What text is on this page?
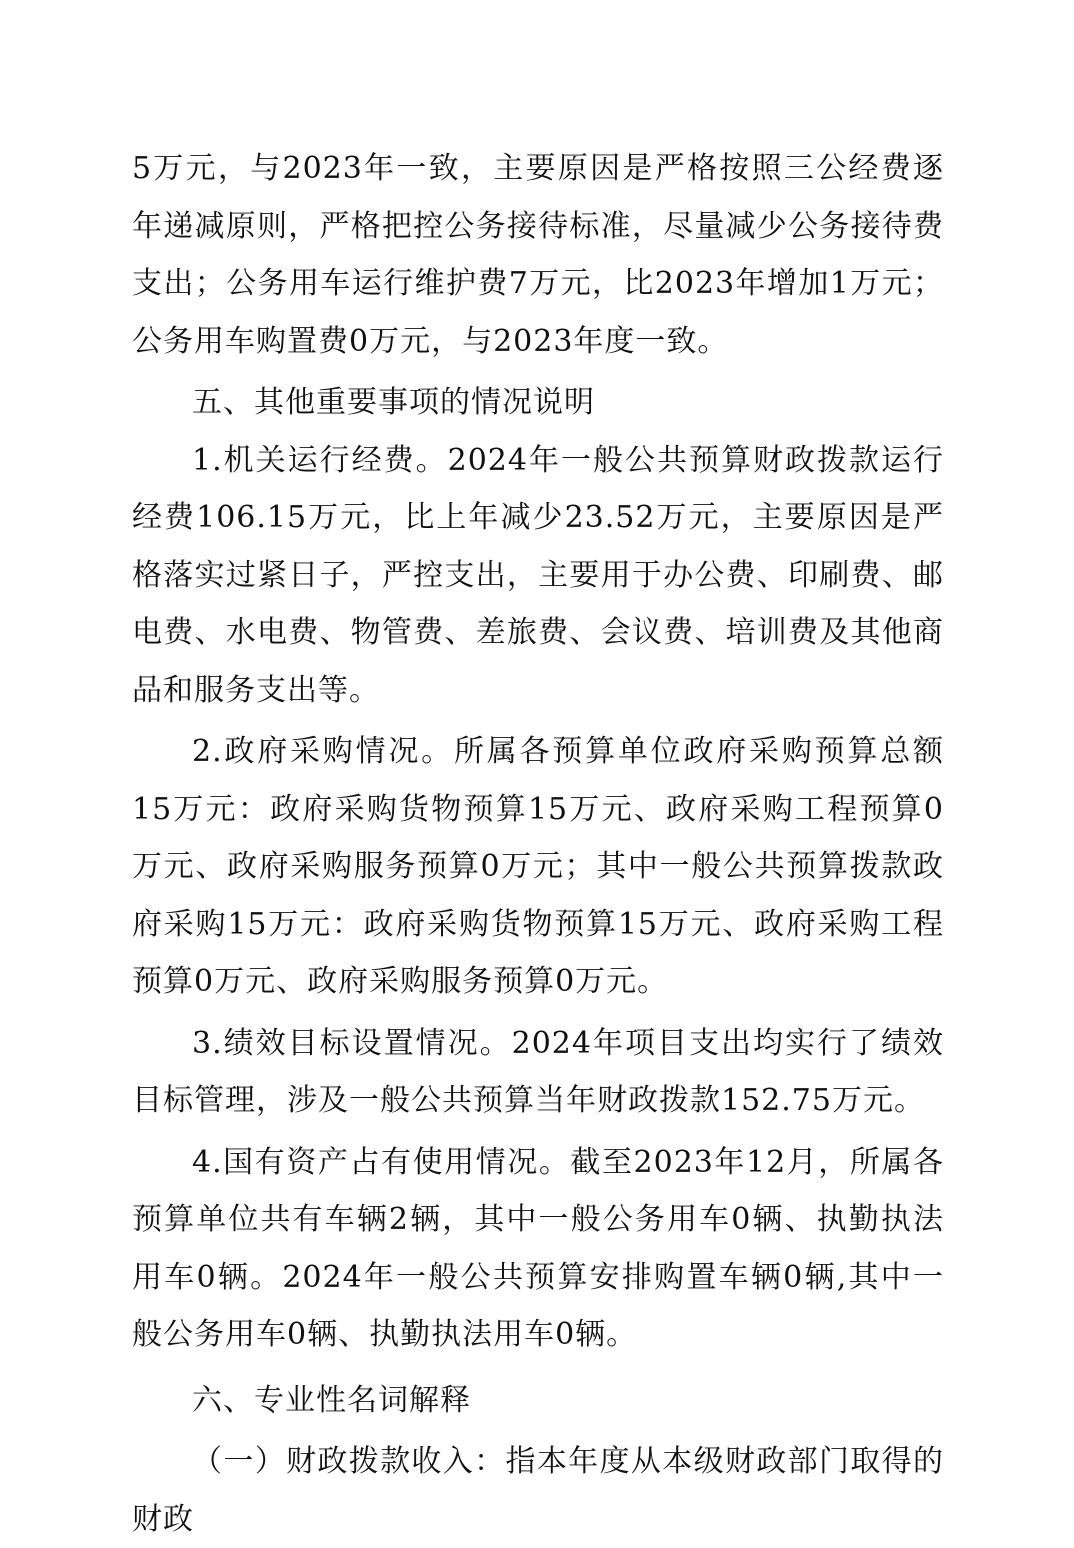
5万元，与2023年一致，主要原因是严格按照三公经费逐年递减原则，严格把控公务接待标准，尽量减少公务接待费支出；公务用车运行维护费7万元，比2023年增加1万元；公务用车购置费0万元，与2023年度一致。

五、其他重要事项的情况说明

1.机关运行经费。2024年一般公共预算财政拨款运行经费106.15万元，比上年减少23.52万元，主要原因是严格落实过紧日子，严控支出，主要用于办公费、印刷费、邮电费、水电费、物管费、差旅费、会议费、培训费及其他商品和服务支出等。

2.政府采购情况。所属各预算单位政府采购预算总额15万元：政府采购货物预算15万元、政府采购工程预算0万元、政府采购服务预算0万元；其中一般公共预算拨款政府采购15万元：政府采购货物预算15万元、政府采购工程预算0万元、政府采购服务预算0万元。

3.绩效目标设置情况。2024年项目支出均实行了绩效目标管理，涉及一般公共预算当年财政拨款152.75万元。

4.国有资产占有使用情况。截至2023年12月，所属各预算单位共有车辆2辆，其中一般公务用车0辆、执勤执法用车0辆。2024年一般公共预算安排购置车辆0辆,其中一般公务用车0辆、执勤执法用车0辆。

六、专业性名词解释

（一）财政拨款收入：指本年度从本级财政部门取得的财政
